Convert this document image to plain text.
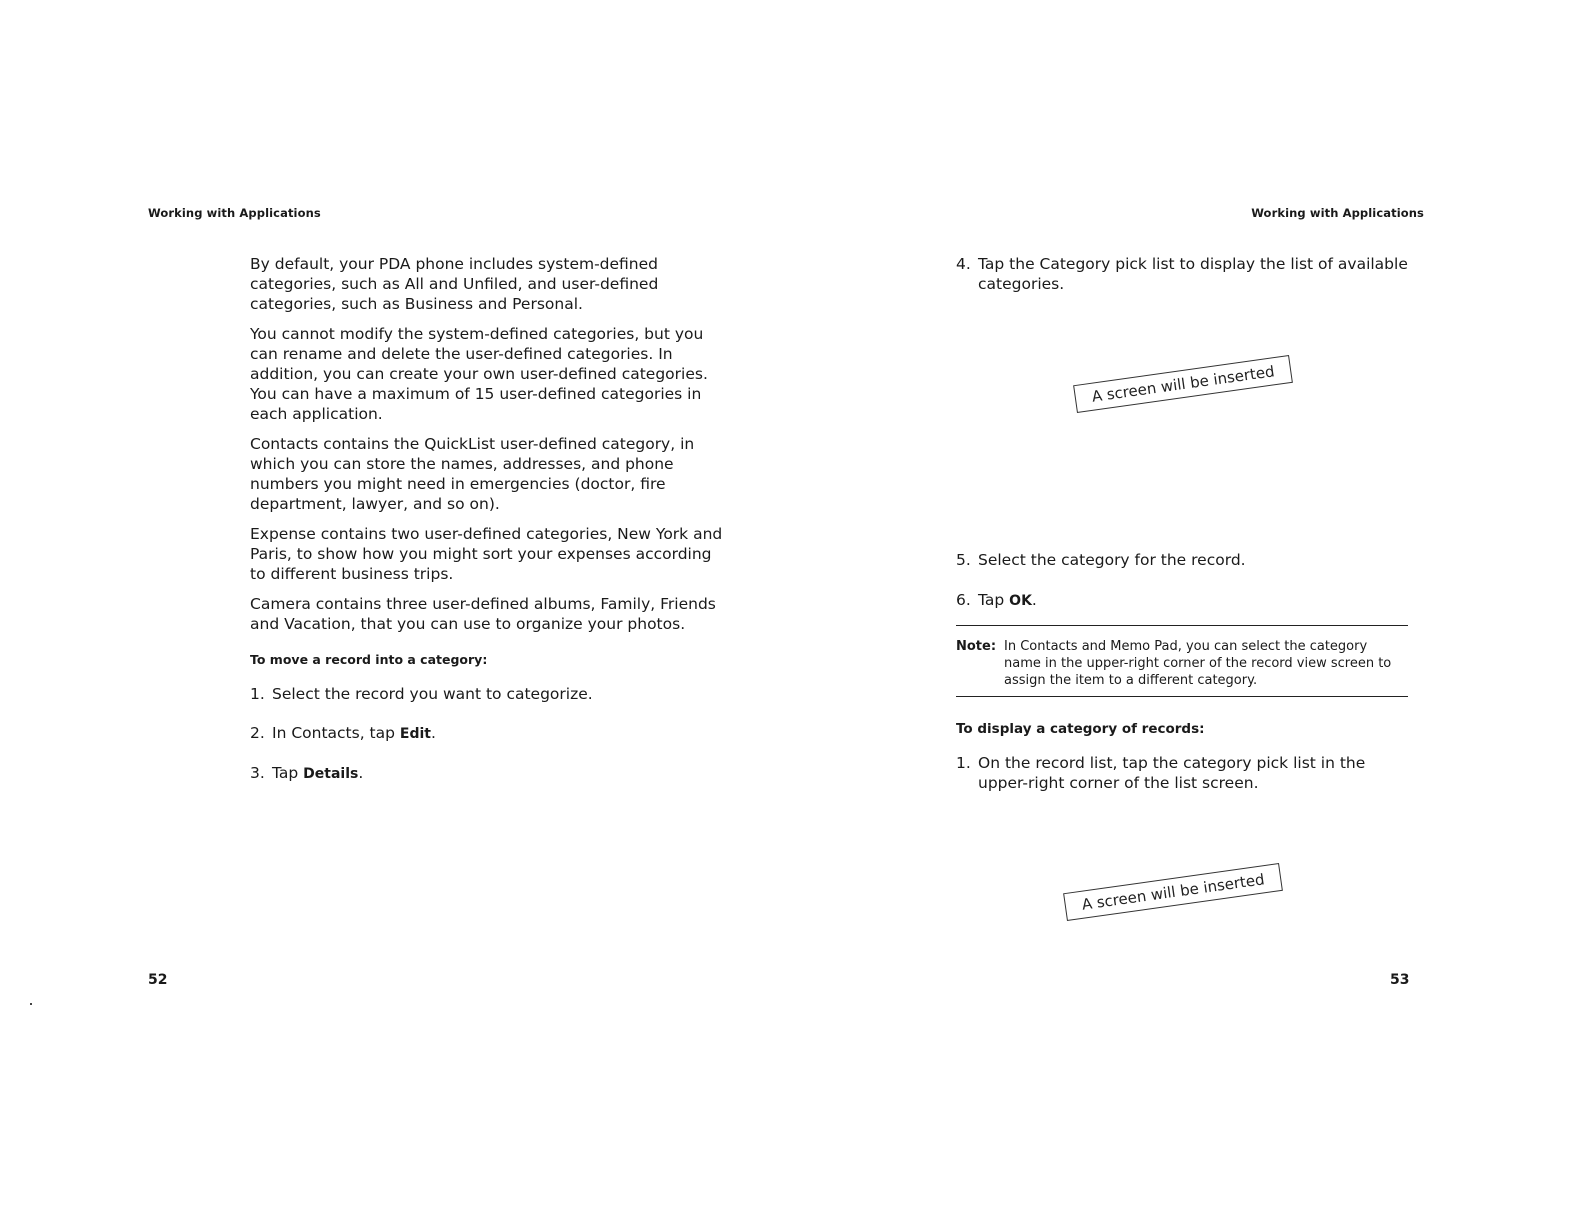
Working with Applications	Working with Applications

By default, your PDA phone includes system-defined categories, such as All and Unfiled, and user-defined categories, such as Business and Personal.

You cannot modify the system-defined categories, but you can rename and delete the user-defined categories. In addition, you can create your own user-defined categories. You can have a maximum of 15 user-defined categories in each application.

Contacts contains the QuickList user-defined category, in which you can store the names, addresses, and phone numbers you might need in emergencies (doctor, fire department, lawyer, and so on).

Expense contains two user-defined categories, New York and Paris, to show how you might sort your expenses according to different business trips.

Camera contains three user-defined albums, Family, Friends and Vacation, that you can use to organize your photos.

To move a record into a category:
1. Select the record you want to categorize.
2. In Contacts, tap Edit.
3. Tap Details.
4. Tap the Category pick list to display the list of available categories.
5. Select the category for the record.
6. Tap OK.
Note: In Contacts and Memo Pad, you can select the category name in the upper-right corner of the record view screen to assign the item to a different category.
To display a category of records:
1. On the record list, tap the category pick list in the upper-right corner of the list screen.
A screen will be inserted
A screen will be inserted
52	53
